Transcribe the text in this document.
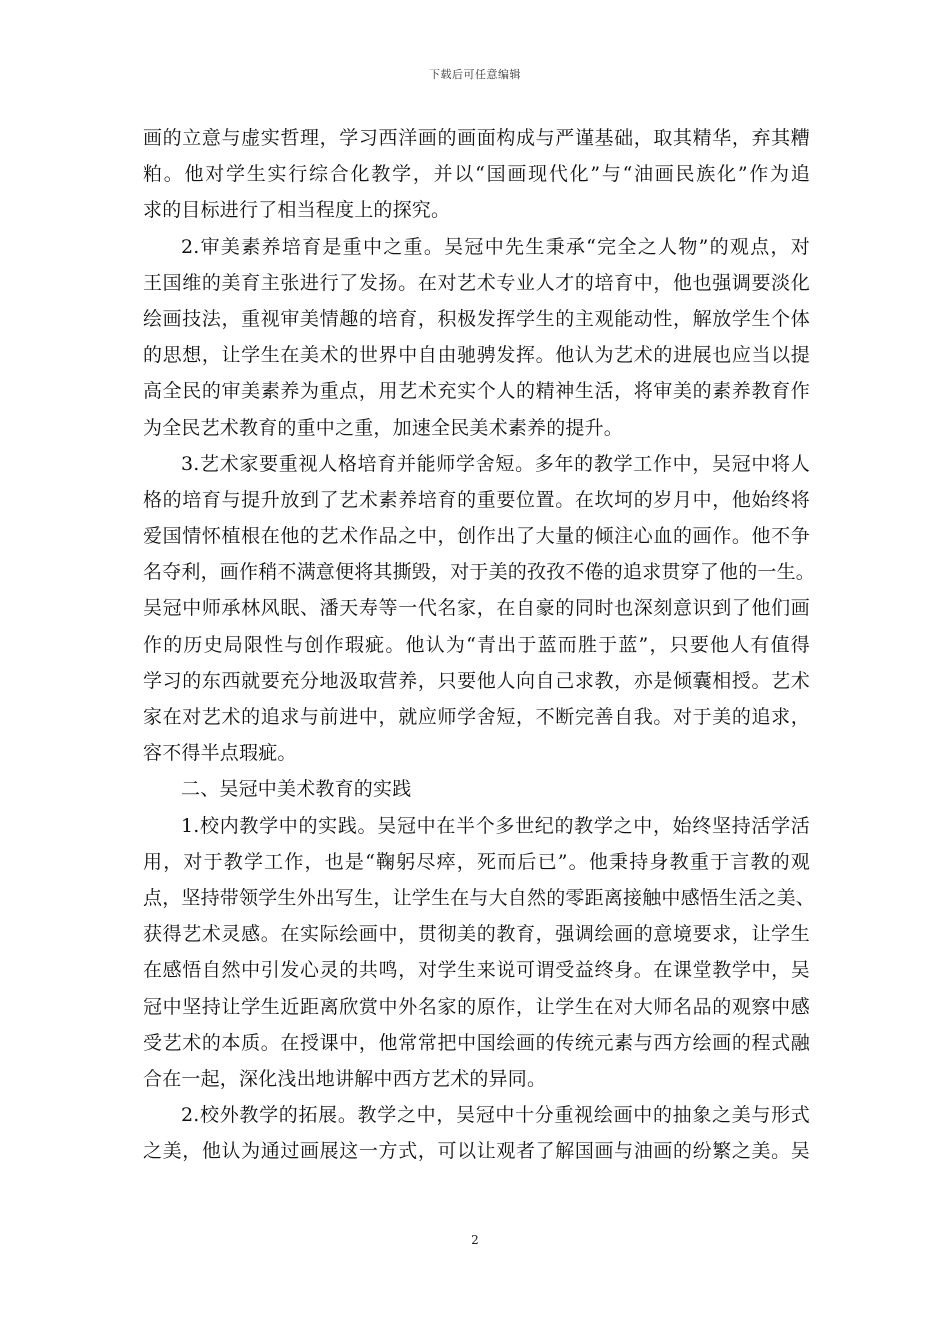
下载后可任意编辑
画的立意与虚实哲理，学习西洋画的画面构成与严谨基础，取其精华，弃其糟
粕。他对学生实行综合化教学，并以“国画现代化”与“油画民族化”作为追
求的目标进行了相当程度上的探究。
2.审美素养培育是重中之重。吴冠中先生秉承“完全之人物”的观点，对
王国维的美育主张进行了发扬。在对艺术专业人才的培育中，他也强调要淡化
绘画技法，重视审美情趣的培育，积极发挥学生的主观能动性，解放学生个体
的思想，让学生在美术的世界中自由驰骋发挥。他认为艺术的进展也应当以提
高全民的审美素养为重点，用艺术充实个人的精神生活，将审美的素养教育作
为全民艺术教育的重中之重，加速全民美术素养的提升。
3.艺术家要重视人格培育并能师学舍短。多年的教学工作中，吴冠中将人
格的培育与提升放到了艺术素养培育的重要位置。在坎坷的岁月中，他始终将
爱国情怀植根在他的艺术作品之中，创作出了大量的倾注心血的画作。他不争
名夺利，画作稍不满意便将其撕毁，对于美的孜孜不倦的追求贯穿了他的一生。
吴冠中师承林风眠、潘天寿等一代名家，在自豪的同时也深刻意识到了他们画
作的历史局限性与创作瑕疵。他认为“青出于蓝而胜于蓝”，只要他人有值得
学习的东西就要充分地汲取营养，只要他人向自己求教，亦是倾囊相授。艺术
家在对艺术的追求与前进中，就应师学舍短，不断完善自我。对于美的追求，
容不得半点瑕疵。
二、吴冠中美术教育的实践
1.校内教学中的实践。吴冠中在半个多世纪的教学之中，始终坚持活学活
用，对于教学工作，也是“鞠躬尽瘁，死而后已”。他秉持身教重于言教的观
点，坚持带领学生外出写生，让学生在与大自然的零距离接触中感悟生活之美、
获得艺术灵感。在实际绘画中，贯彻美的教育，强调绘画的意境要求，让学生
在感悟自然中引发心灵的共鸣，对学生来说可谓受益终身。在课堂教学中，吴
冠中坚持让学生近距离欣赏中外名家的原作，让学生在对大师名品的观察中感
受艺术的本质。在授课中，他常常把中国绘画的传统元素与西方绘画的程式融
合在一起，深化浅出地讲解中西方艺术的异同。
2.校外教学的拓展。教学之中，吴冠中十分重视绘画中的抽象之美与形式
之美，他认为通过画展这一方式，可以让观者了解国画与油画的纷繁之美。吴
2
